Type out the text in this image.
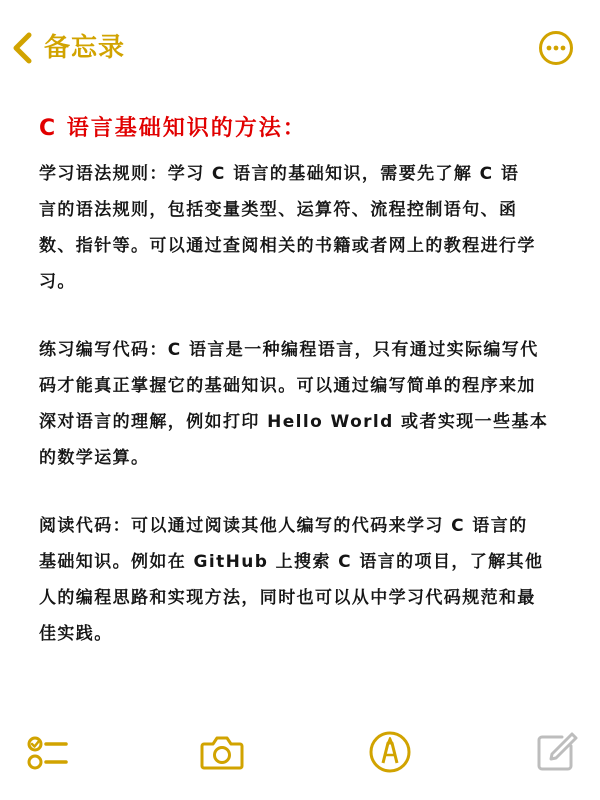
备忘录

C 语言基础知识的方法：

学习语法规则：学习 C 语言的基础知识，需要先了解 C 语
言的语法规则，包括变量类型、运算符、流程控制语句、函
数、指针等。可以通过查阅相关的书籍或者网上的教程进行学
习。

练习编写代码：C 语言是一种编程语言，只有通过实际编写代
码才能真正掌握它的基础知识。可以通过编写简单的程序来加
深对语言的理解，例如打印 Hello World 或者实现一些基本
的数学运算。

阅读代码：可以通过阅读其他人编写的代码来学习 C 语言的
基础知识。例如在 GitHub 上搜索 C 语言的项目，了解其他
人的编程思路和实现方法，同时也可以从中学习代码规范和最
佳实践。
